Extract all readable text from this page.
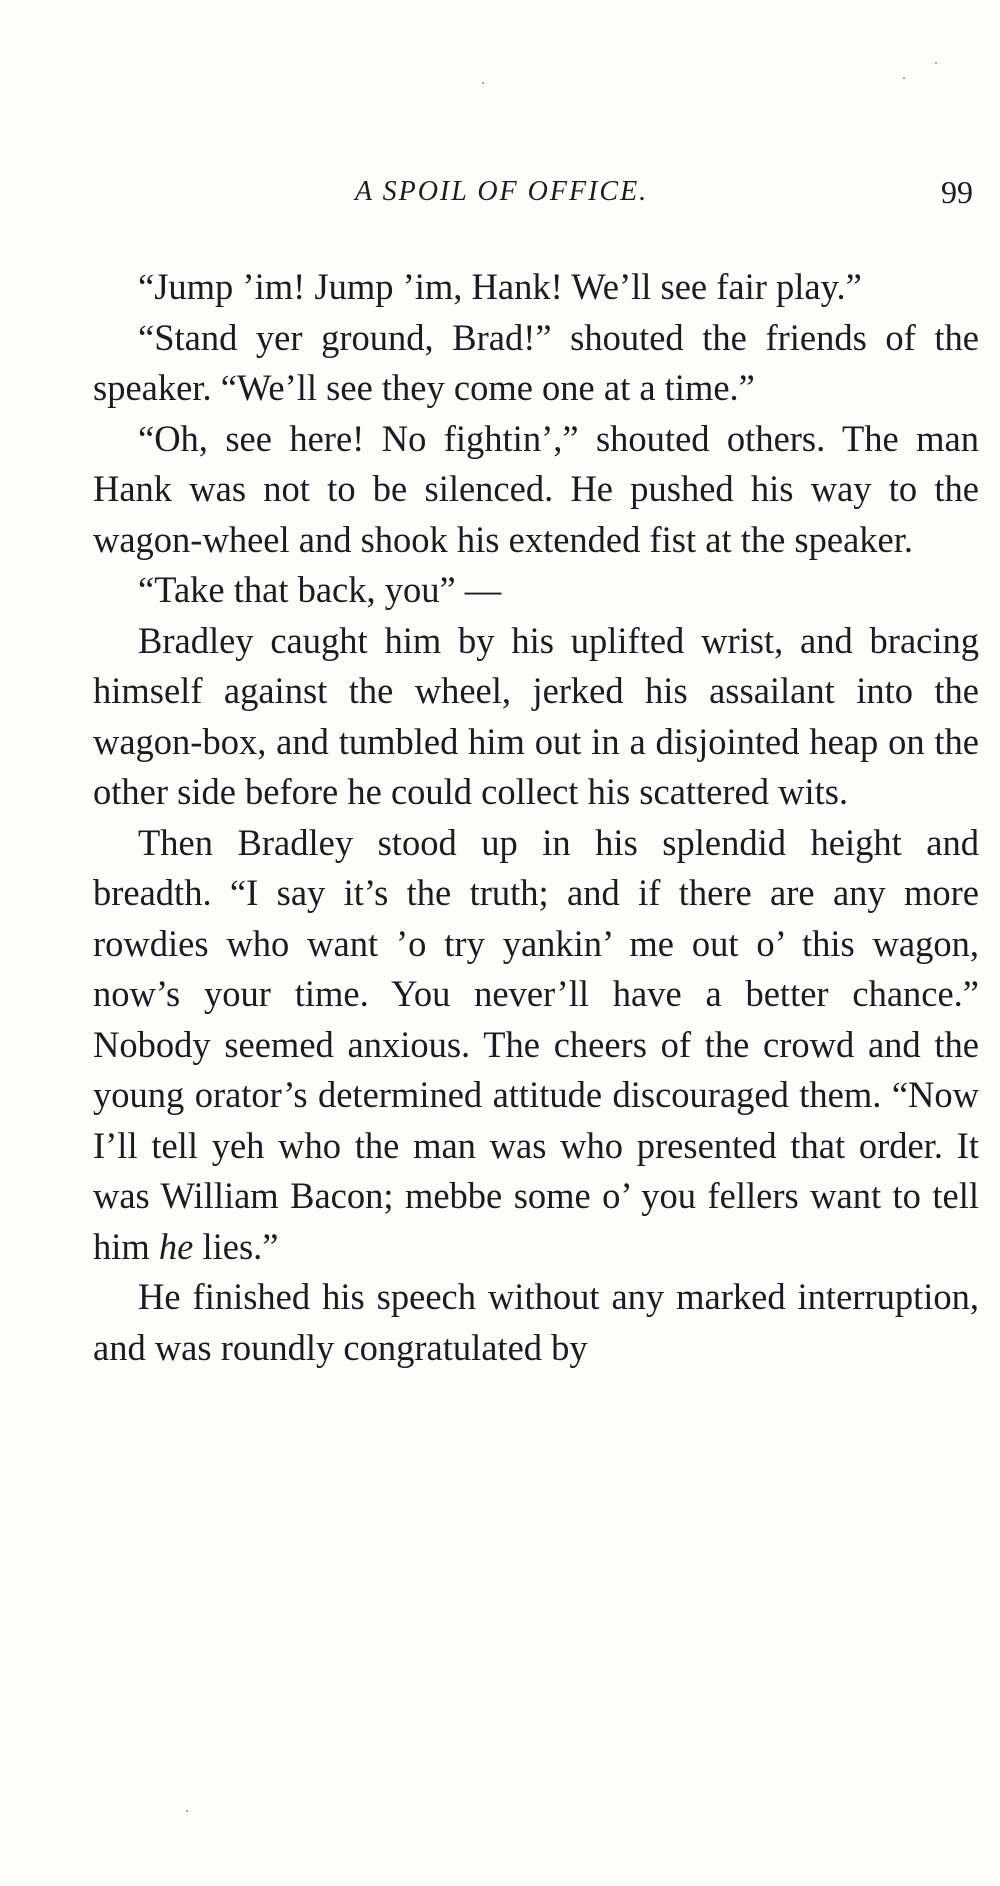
A SPOIL OF OFFICE.	99

“Jump ’im! Jump ’im, Hank! We’ll see fair play.”

“Stand yer ground, Brad!” shouted the friends of the speaker. “We’ll see they come one at a time.”

“Oh, see here! No fightin’,” shouted others. The man Hank was not to be silenced. He pushed his way to the wagon-wheel and shook his extended fist at the speaker.

“Take that back, you” —

Bradley caught him by his uplifted wrist, and bracing himself against the wheel, jerked his assailant into the wagon-box, and tumbled him out in a disjointed heap on the other side before he could collect his scattered wits.

Then Bradley stood up in his splendid height and breadth. “I say it’s the truth; and if there are any more rowdies who want ’o try yankin’ me out o’ this wagon, now’s your time. You never’ll have a better chance.” Nobody seemed anxious. The cheers of the crowd and the young orator’s determined attitude discouraged them. “Now I’ll tell yeh who the man was who presented that order. It was William Bacon; mebbe some o’ you fellers want to tell him he lies.”

He finished his speech without any marked interruption, and was roundly congratulated by
